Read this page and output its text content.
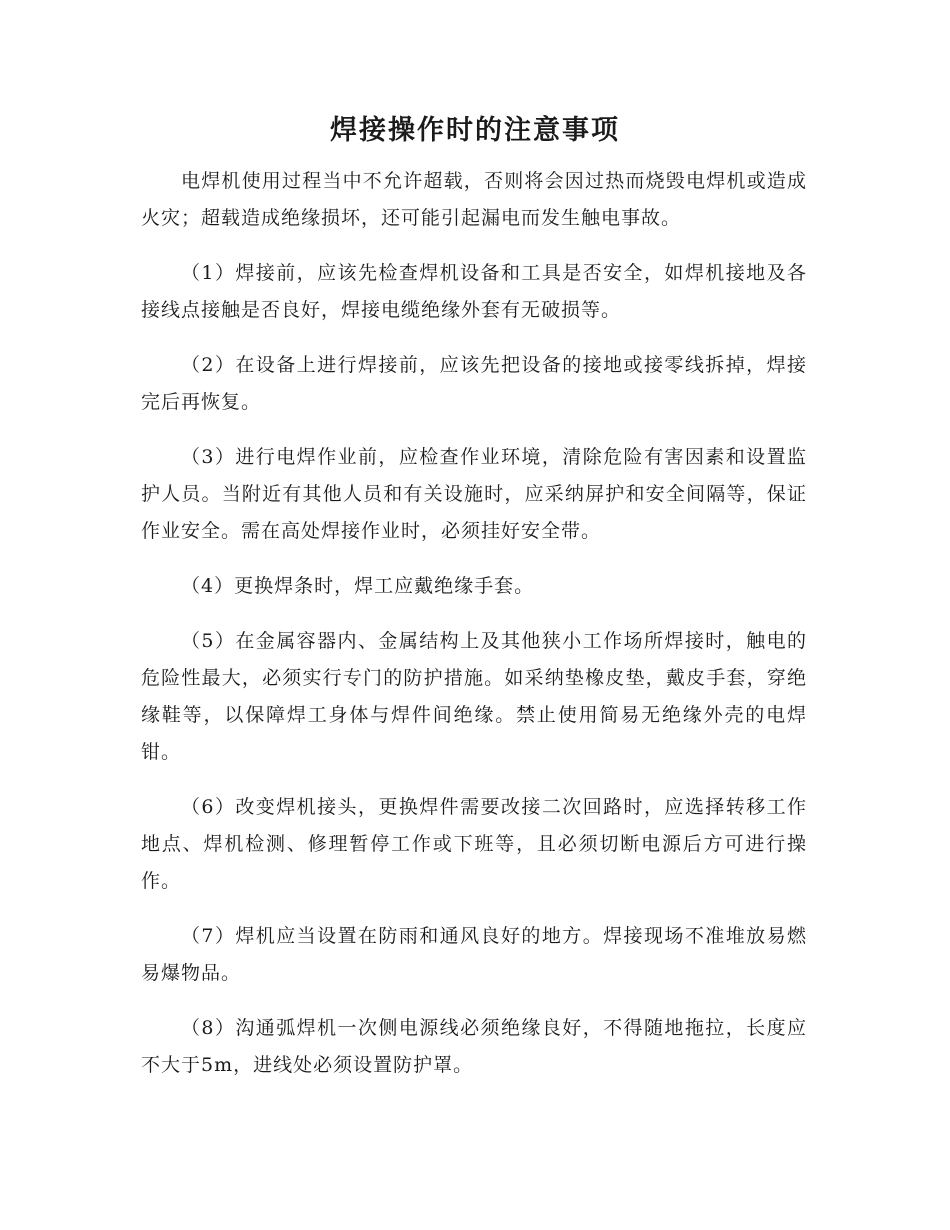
焊接操作时的注意事项

电焊机使用过程当中不允许超载，否则将会因过热而烧毁电焊机或造成火灾；超载造成绝缘损坏，还可能引起漏电而发生触电事故。

（1）焊接前，应该先检查焊机设备和工具是否安全，如焊机接地及各接线点接触是否良好，焊接电缆绝缘外套有无破损等。

（2）在设备上进行焊接前，应该先把设备的接地或接零线拆掉，焊接完后再恢复。

（3）进行电焊作业前，应检查作业环境，清除危险有害因素和设置监护人员。当附近有其他人员和有关设施时，应采纳屏护和安全间隔等，保证作业安全。需在高处焊接作业时，必须挂好安全带。

（4）更换焊条时，焊工应戴绝缘手套。

（5）在金属容器内、金属结构上及其他狭小工作场所焊接时，触电的危险性最大，必须实行专门的防护措施。如采纳垫橡皮垫，戴皮手套，穿绝缘鞋等，以保障焊工身体与焊件间绝缘。禁止使用简易无绝缘外壳的电焊钳。

（6）改变焊机接头，更换焊件需要改接二次回路时，应选择转移工作地点、焊机检测、修理暂停工作或下班等，且必须切断电源后方可进行操作。

（7）焊机应当设置在防雨和通风良好的地方。焊接现场不准堆放易燃易爆物品。

（8）沟通弧焊机一次侧电源线必须绝缘良好，不得随地拖拉，长度应不大于5m，进线处必须设置防护罩。
